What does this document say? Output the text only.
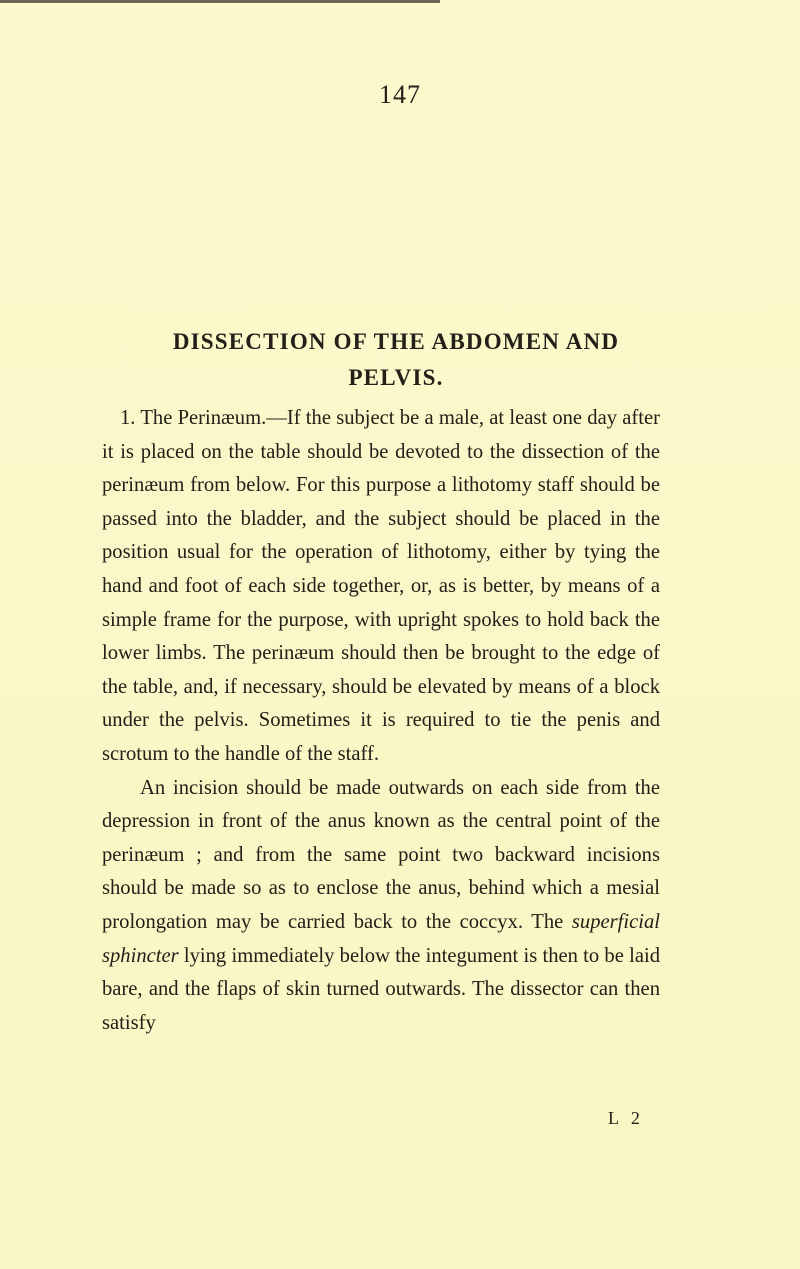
147
DISSECTION OF THE ABDOMEN AND
PELVIS.

1. The Perinæum.—If the subject be a male, at least one day after it is placed on the table should be devoted to the dissection of the perinæum from below. For this purpose a lithotomy staff should be passed into the bladder, and the subject should be placed in the position usual for the operation of lithotomy, either by tying the hand and foot of each side together, or, as is better, by means of a simple frame for the purpose, with upright spokes to hold back the lower limbs. The perinæum should then be brought to the edge of the table, and, if necessary, should be elevated by means of a block under the pelvis. Sometimes it is required to tie the penis and scrotum to the handle of the staff.

An incision should be made outwards on each side from the depression in front of the anus known as the central point of the perinæum ; and from the same point two backward incisions should be made so as to enclose the anus, behind which a mesial prolongation may be carried back to the coccyx. The superficial sphincter lying immediately below the integument is then to be laid bare, and the flaps of skin turned outwards. The dissector can then satisfy

L 2
